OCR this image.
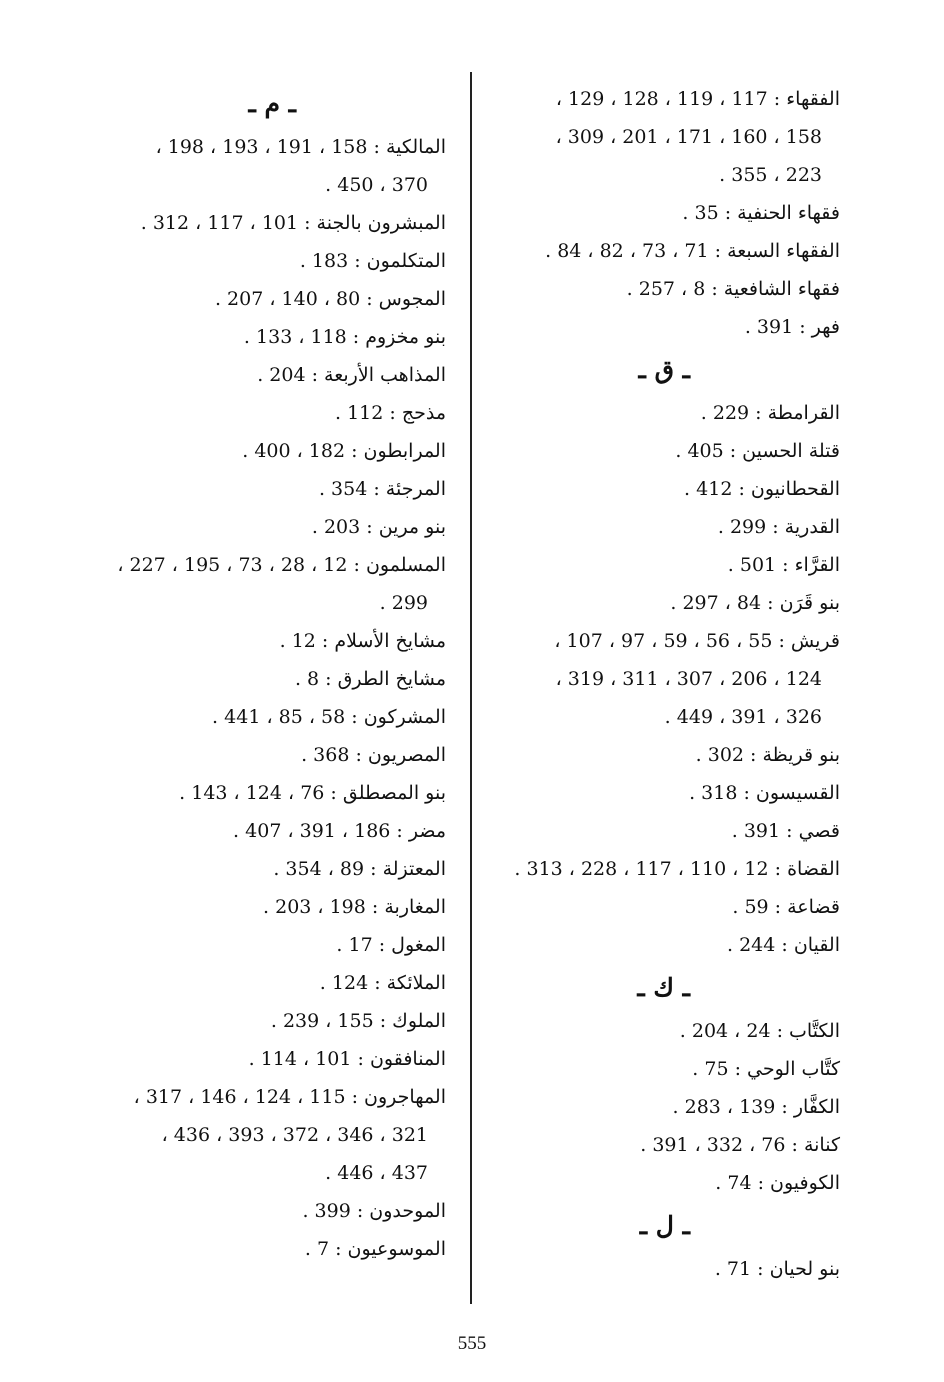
الفقهاء : 117 ، 119 ، 128 ، 129 ،
158 ، 160 ، 171 ، 201 ، 309 ،
223 ، 355 .
فقهاء الحنفية : 35 .
الفقهاء السبعة : 71 ، 73 ، 82 ، 84 .
فقهاء الشافعية : 8 ، 257 .
فهر : 391 .
ـ ق ـ
القرامطة : 229 .
قتلة الحسين : 405 .
القحطانيون : 412 .
القدرية : 299 .
القرَّاء : 501 .
بنو قَرَن : 84 ، 297 .
قريش : 55 ، 56 ، 59 ، 97 ، 107 ،
124 ، 206 ، 307 ، 311 ، 319 ،
326 ، 391 ، 449 .
بنو قريظة : 302 .
القسيسون : 318 .
قصي : 391 .
القضاة : 12 ، 110 ، 117 ، 228 ، 313 .
قضاعة : 59 .
القيان : 244 .
ـ ك ـ
الكتَّاب : 24 ، 204 .
كتَّاب الوحي : 75 .
الكفَّار : 139 ، 283 .
كنانة : 76 ، 332 ، 391 .
الكوفيون : 74 .
ـ ل ـ
بنو لحيان : 71 .
ـ م ـ
المالكية : 158 ، 191 ، 193 ، 198 ،
370 ، 450 .
المبشرون بالجنة : 101 ، 117 ، 312 .
المتكلمون : 183 .
المجوس : 80 ، 140 ، 207 .
بنو مخزوم : 118 ، 133 .
المذاهب الأربعة : 204 .
مذحج : 112 .
المرابطون : 182 ، 400 .
المرجئة : 354 .
بنو مرين : 203 .
المسلمون : 12 ، 28 ، 73 ، 195 ، 227 ،
299 .
مشايخ الأسلام : 12 .
مشايخ الطرق : 8 .
المشركون : 58 ، 85 ، 441 .
المصريون : 368 .
بنو المصطلق : 76 ، 124 ، 143 .
مضر : 186 ، 391 ، 407 .
المعتزلة : 89 ، 354 .
المغاربة : 198 ، 203 .
المغول : 17 .
الملائكة : 124 .
الملوك : 155 ، 239 .
المنافقون : 101 ، 114 .
المهاجرون : 115 ، 124 ، 146 ، 317 ،
321 ، 346 ، 372 ، 393 ، 436 ،
437 ، 446 .
الموحدون : 399 .
الموسوعيون : 7 .
555
